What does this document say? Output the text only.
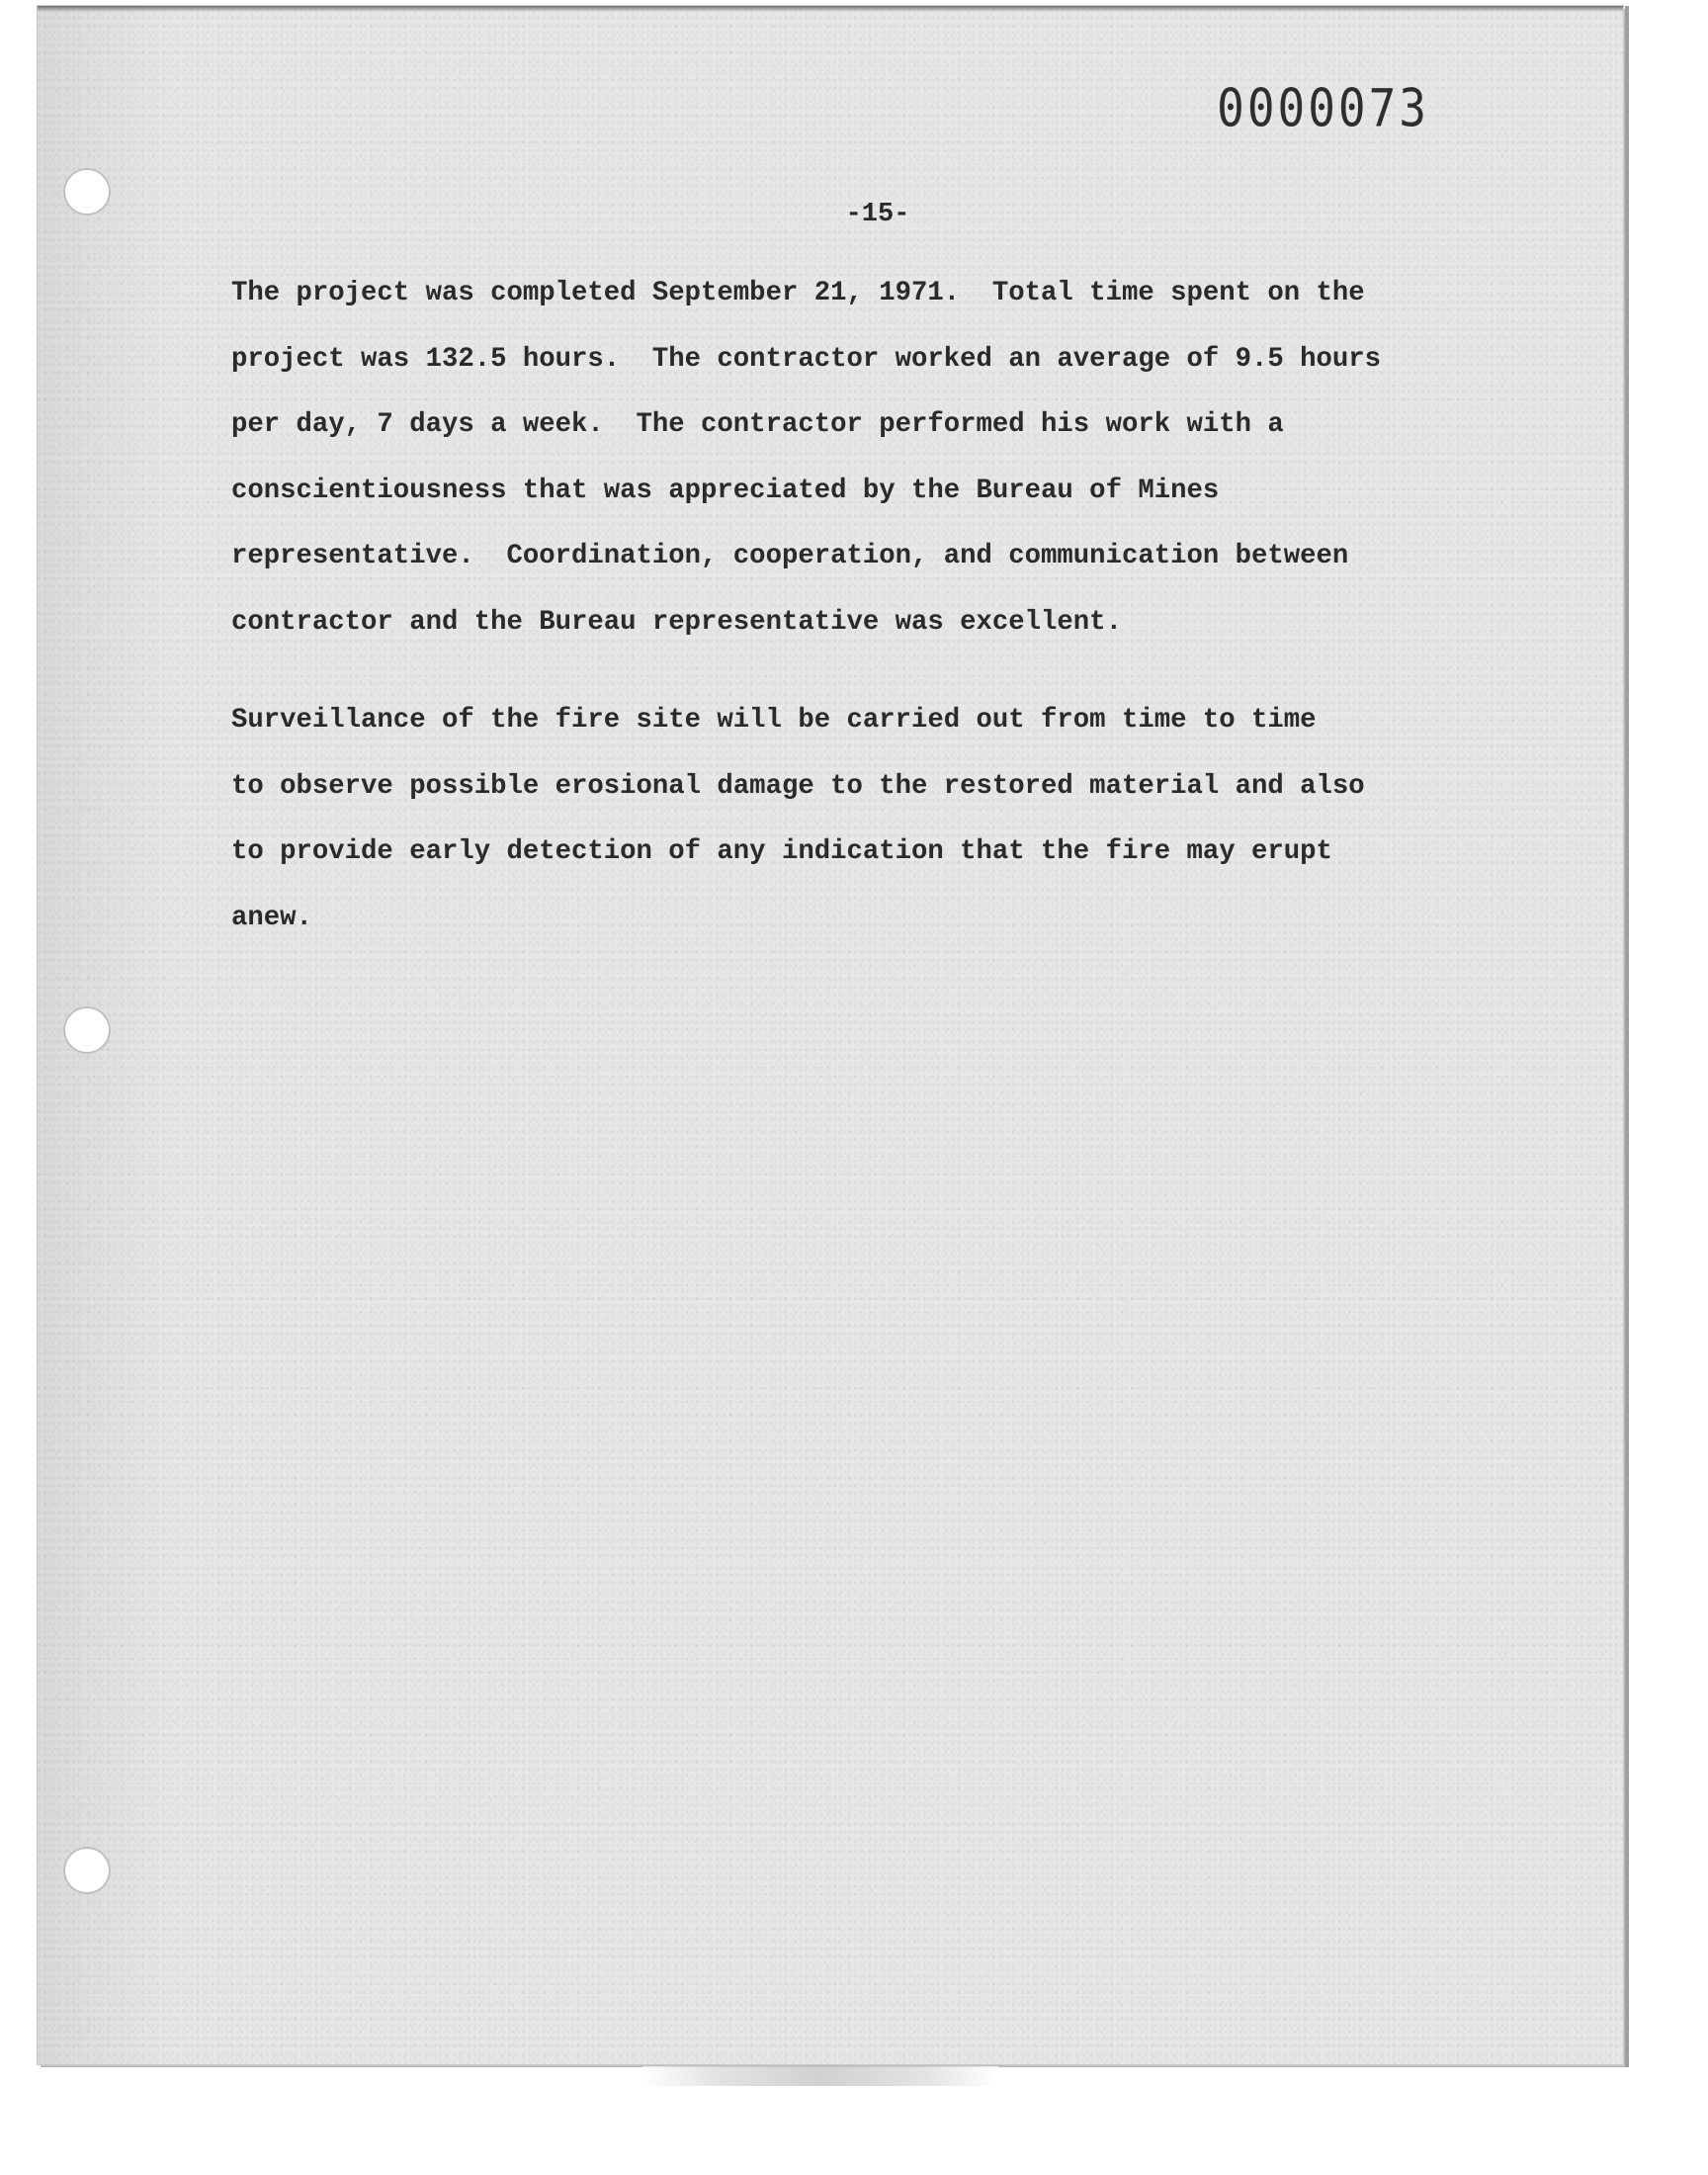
0000073
-15-
The project was completed September 21, 1971.  Total time spent on the
project was 132.5 hours.  The contractor worked an average of 9.5 hours
per day, 7 days a week.  The contractor performed his work with a
conscientiousness that was appreciated by the Bureau of Mines
representative.  Coordination, cooperation, and communication between
contractor and the Bureau representative was excellent.
Surveillance of the fire site will be carried out from time to time
to observe possible erosional damage to the restored material and also
to provide early detection of any indication that the fire may erupt
anew.
